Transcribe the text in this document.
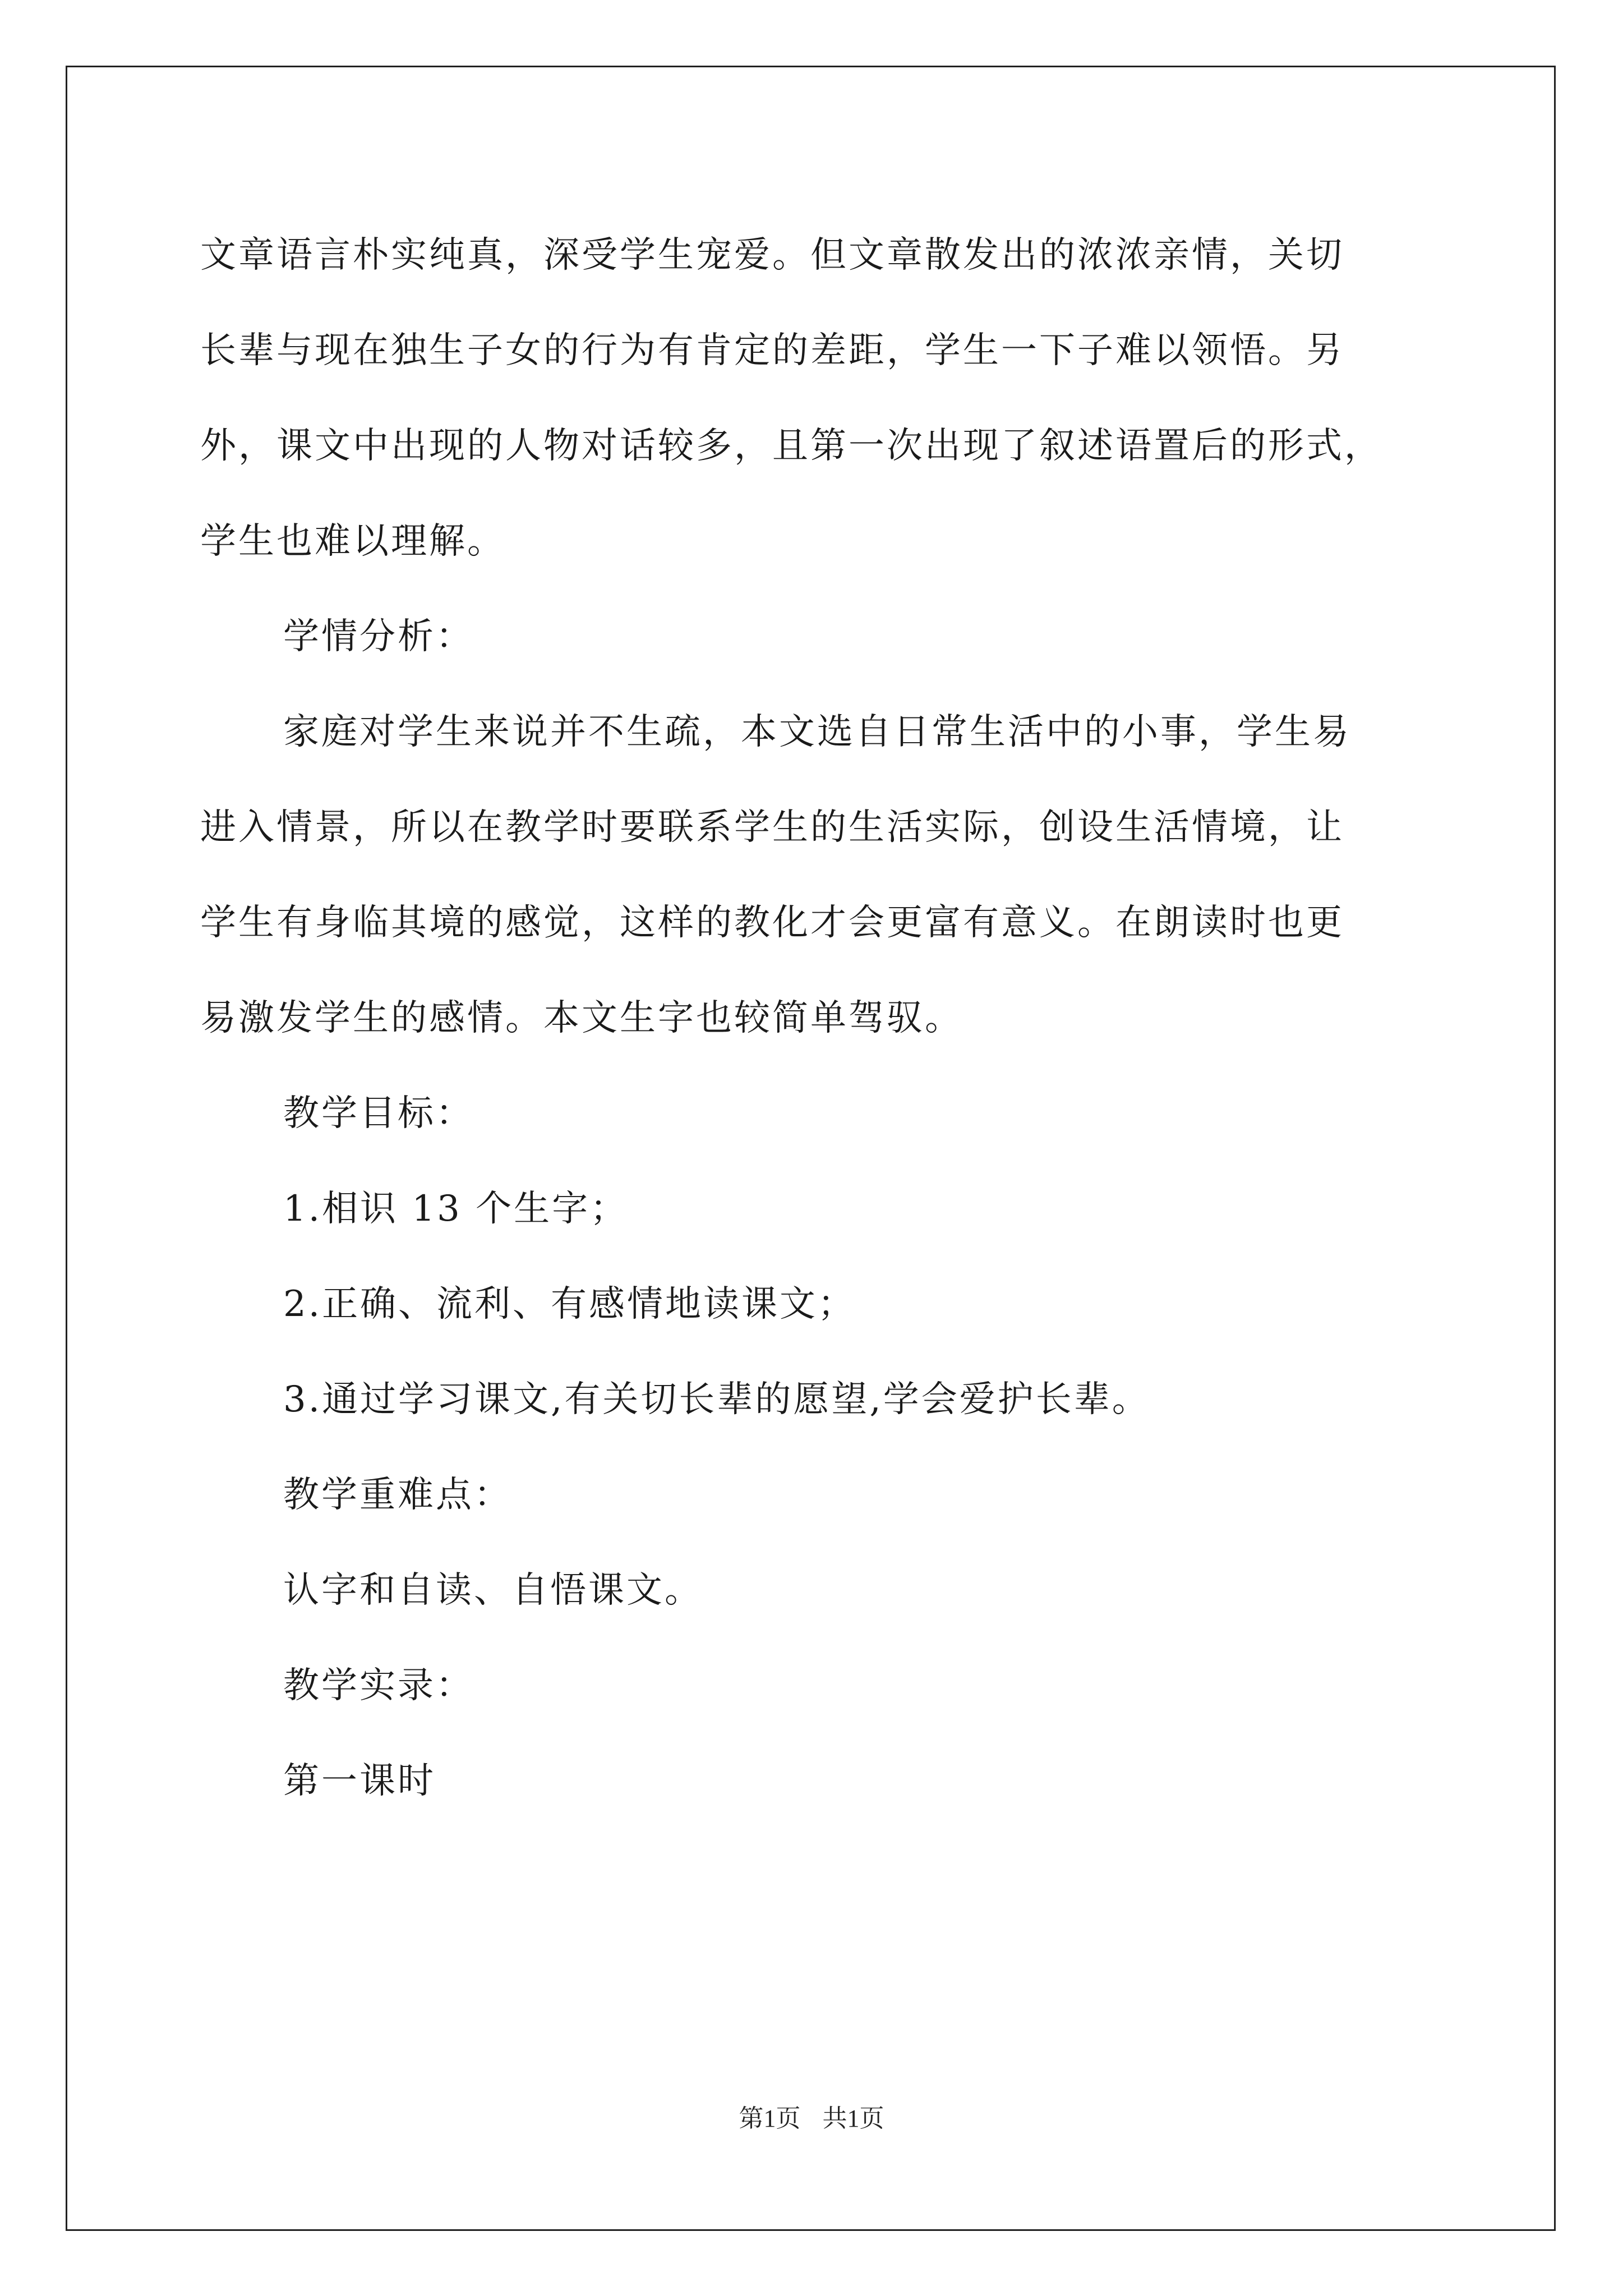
文章语言朴实纯真，深受学生宠爱。但文章散发出的浓浓亲情，关切
长辈与现在独生子女的行为有肯定的差距，学生一下子难以领悟。另
外，课文中出现的人物对话较多，且第一次出现了叙述语置后的形式，
学生也难以理解。
学情分析：
家庭对学生来说并不生疏，本文选自日常生活中的小事，学生易
进入情景，所以在教学时要联系学生的生活实际，创设生活情境，让
学生有身临其境的感觉，这样的教化才会更富有意义。在朗读时也更
易激发学生的感情。本文生字也较简单驾驭。
教学目标：
1.相识 13 个生字；
2.正确、流利、有感情地读课文；
3.通过学习课文,有关切长辈的愿望,学会爱护长辈。
教学重难点：
认字和自读、自悟课文。
教学实录：
第一课时
第1页 共1页
